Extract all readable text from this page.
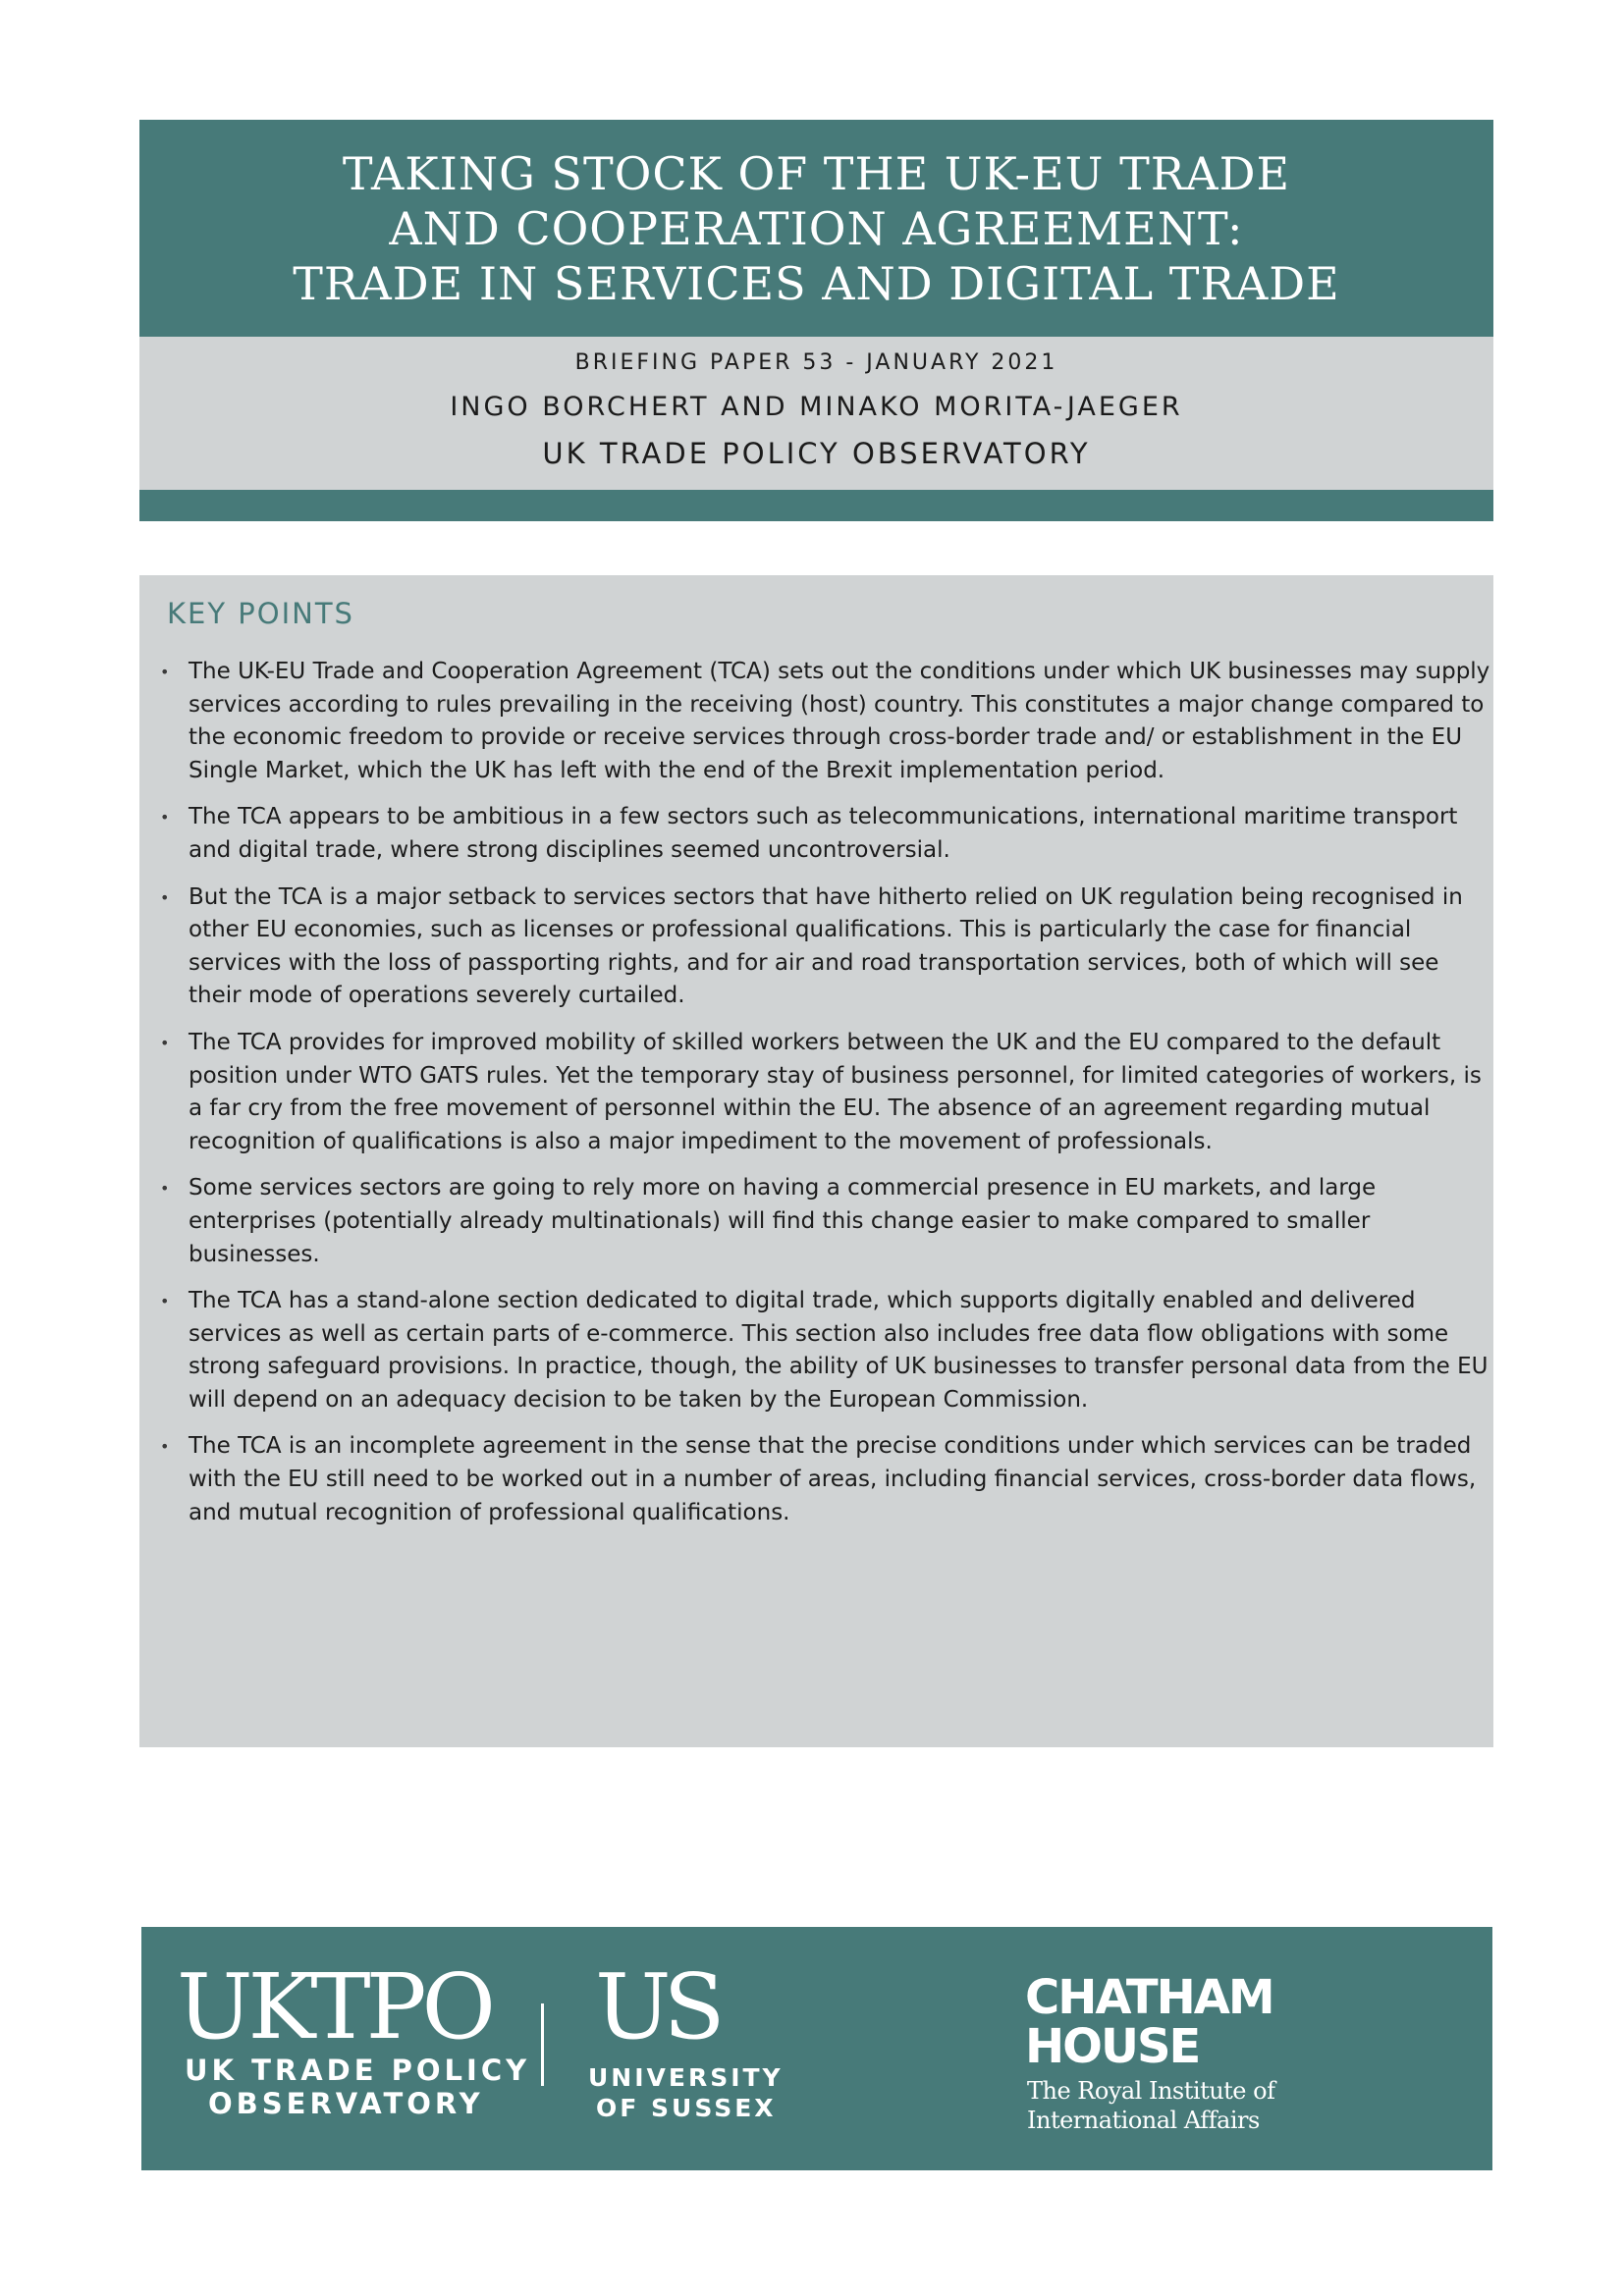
TAKING STOCK OF THE UK-EU TRADE
AND COOPERATION AGREEMENT:
TRADE IN SERVICES AND DIGITAL TRADE
BRIEFING PAPER 53 - JANUARY 2021
INGO BORCHERT AND MINAKO MORITA-JAEGER
UK TRADE POLICY OBSERVATORY
KEY POINTS
• The UK-EU Trade and Cooperation Agreement (TCA) sets out the conditions under which UK businesses may supply services according to rules prevailing in the receiving (host) country. This constitutes a major change compared to the economic freedom to provide or receive services through cross-border trade and/ or establishment in the EU Single Market, which the UK has left with the end of the Brexit implementation period.
• The TCA appears to be ambitious in a few sectors such as telecommunications, international maritime transport and digital trade, where strong disciplines seemed uncontroversial.
• But the TCA is a major setback to services sectors that have hitherto relied on UK regulation being recognised in other EU economies, such as licenses or professional qualifications. This is particularly the case for financial services with the loss of passporting rights, and for air and road transportation services, both of which will see their mode of operations severely curtailed.
• The TCA provides for improved mobility of skilled workers between the UK and the EU compared to the default position under WTO GATS rules. Yet the temporary stay of business personnel, for limited categories of workers, is a far cry from the free movement of personnel within the EU. The absence of an agreement regarding mutual recognition of qualifications is also a major impediment to the movement of professionals.
• Some services sectors are going to rely more on having a commercial presence in EU markets, and large enterprises (potentially already multinationals) will find this change easier to make compared to smaller businesses.
• The TCA has a stand-alone section dedicated to digital trade, which supports digitally enabled and delivered services as well as certain parts of e-commerce. This section also includes free data flow obligations with some strong safeguard provisions. In practice, though, the ability of UK businesses to transfer personal data from the EU will depend on an adequacy decision to be taken by the European Commission.
• The TCA is an incomplete agreement in the sense that the precise conditions under which services can be traded with the EU still need to be worked out in a number of areas, including financial services, cross-border data flows, and mutual recognition of professional qualifications.
UKTPO
UK TRADE POLICY
OBSERVATORY
US
UNIVERSITY
OF SUSSEX
CHATHAM
HOUSE
The Royal Institute of
International Affairs
